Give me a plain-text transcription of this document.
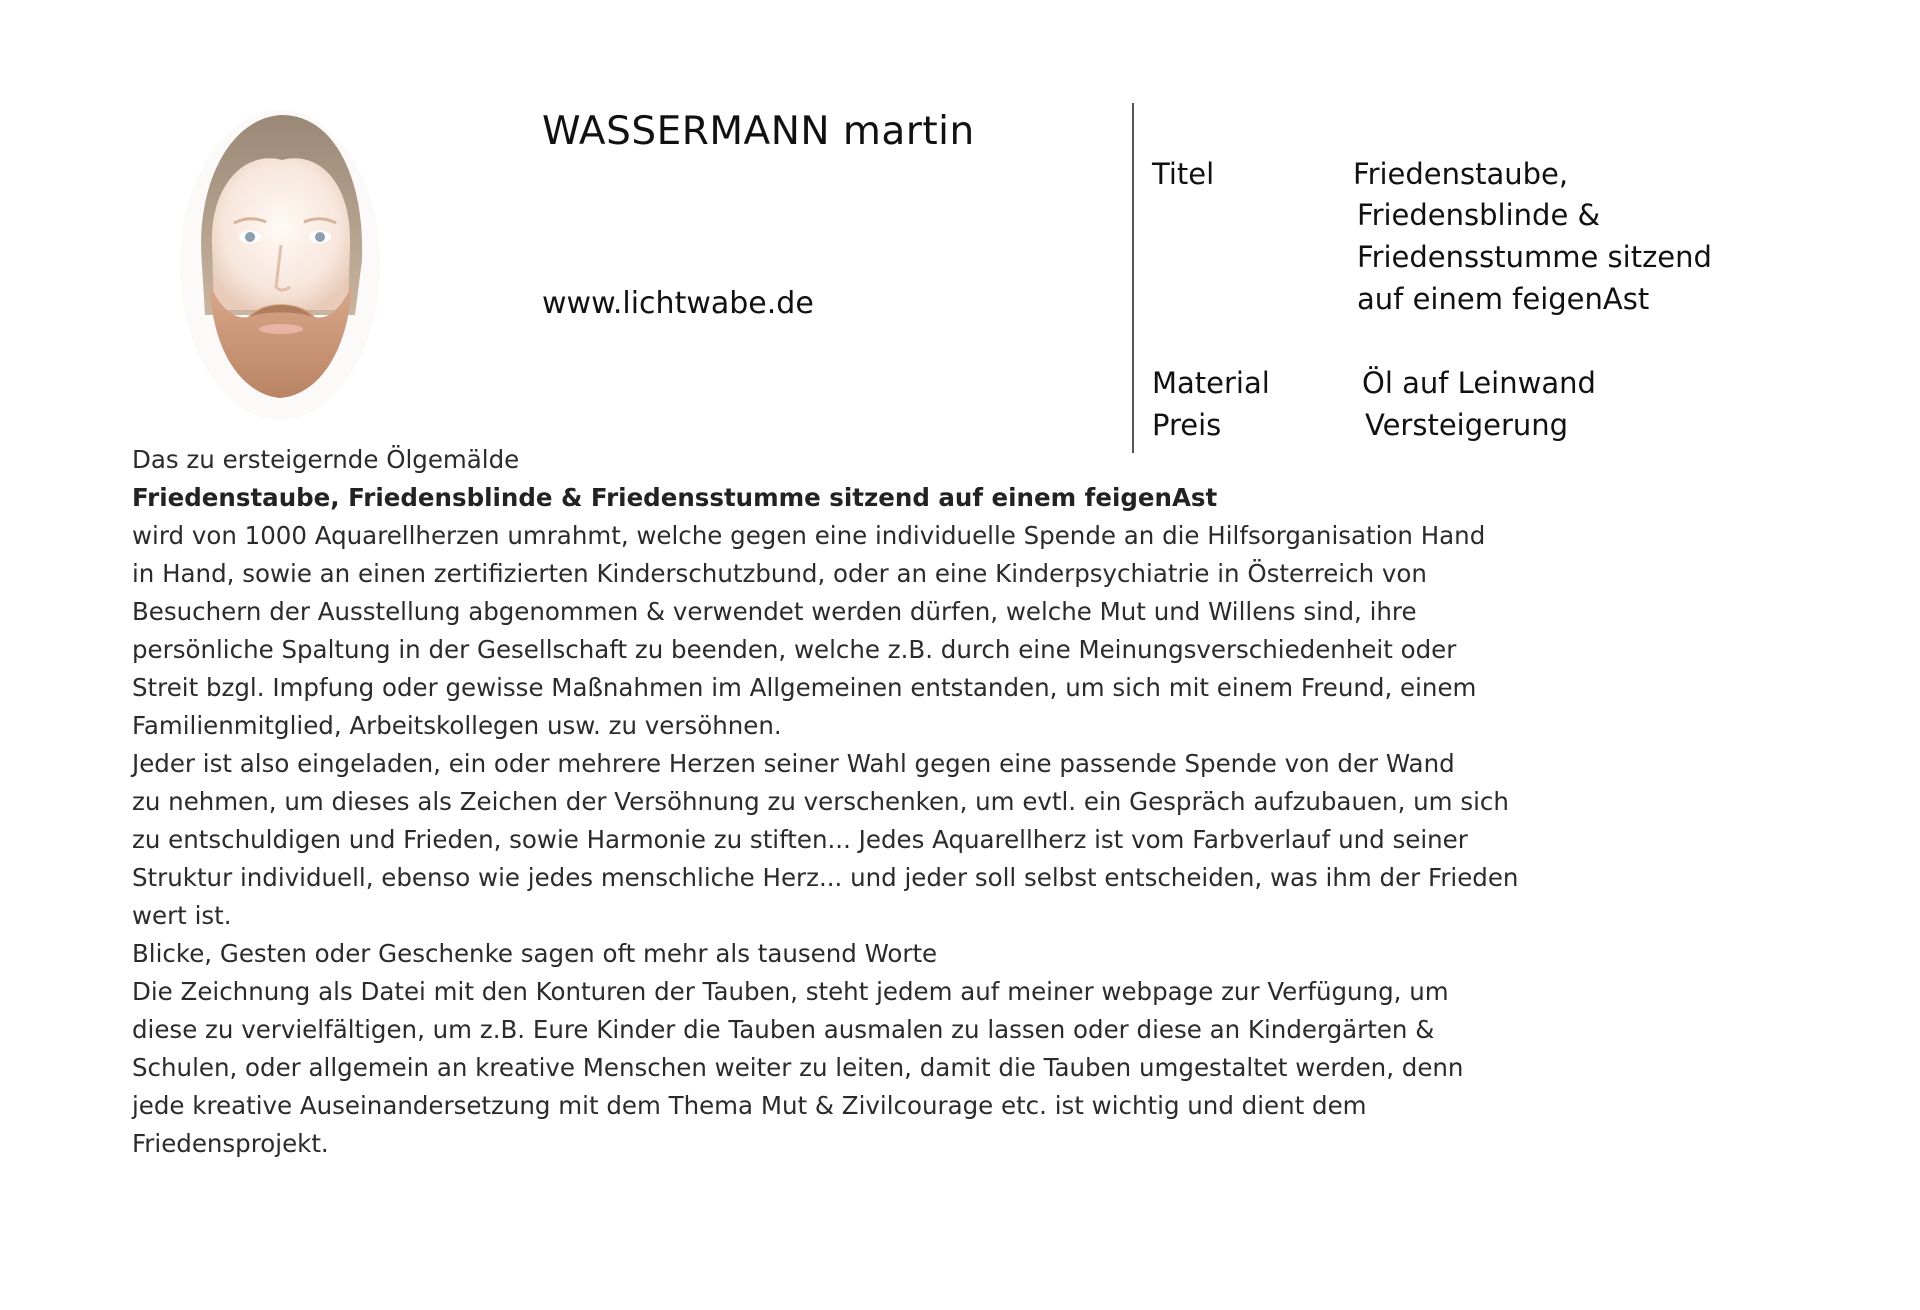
WASSERMANN martin
www.lichtwabe.de
Titel	Friedenstaube,
Friedensblinde &
Friedensstumme sitzend
auf einem feigenAst
Material	Öl auf Leinwand
Preis	Versteigerung
Das zu ersteigernde Ölgemälde
Friedenstaube, Friedensblinde & Friedensstumme sitzend auf einem feigenAst
wird von 1000 Aquarellherzen umrahmt, welche gegen eine individuelle Spende an die Hilfsorganisation Hand
in Hand, sowie an einen zertifizierten Kinderschutzbund, oder an eine Kinderpsychiatrie in Österreich von
Besuchern der Ausstellung abgenommen & verwendet werden dürfen, welche Mut und Willens sind, ihre
persönliche Spaltung in der Gesellschaft zu beenden, welche z.B. durch eine Meinungsverschiedenheit oder
Streit bzgl. Impfung oder gewisse Maßnahmen im Allgemeinen entstanden, um sich mit einem Freund, einem
Familienmitglied, Arbeitskollegen usw. zu versöhnen.
Jeder ist also eingeladen, ein oder mehrere Herzen seiner Wahl gegen eine passende Spende von der Wand
zu nehmen, um dieses als Zeichen der Versöhnung zu verschenken, um evtl. ein Gespräch aufzubauen, um sich
zu entschuldigen und Frieden, sowie Harmonie zu stiften... Jedes Aquarellherz ist vom Farbverlauf und seiner
Struktur individuell, ebenso wie jedes menschliche Herz... und jeder soll selbst entscheiden, was ihm der Frieden
wert ist.
Blicke, Gesten oder Geschenke sagen oft mehr als tausend Worte
Die Zeichnung als Datei mit den Konturen der Tauben, steht jedem auf meiner webpage zur Verfügung, um
diese zu vervielfältigen, um z.B. Eure Kinder die Tauben ausmalen zu lassen oder diese an Kindergärten &
Schulen, oder allgemein an kreative Menschen weiter zu leiten, damit die Tauben umgestaltet werden, denn
jede kreative Auseinandersetzung mit dem Thema Mut & Zivilcourage etc. ist wichtig und dient dem
Friedensprojekt.
